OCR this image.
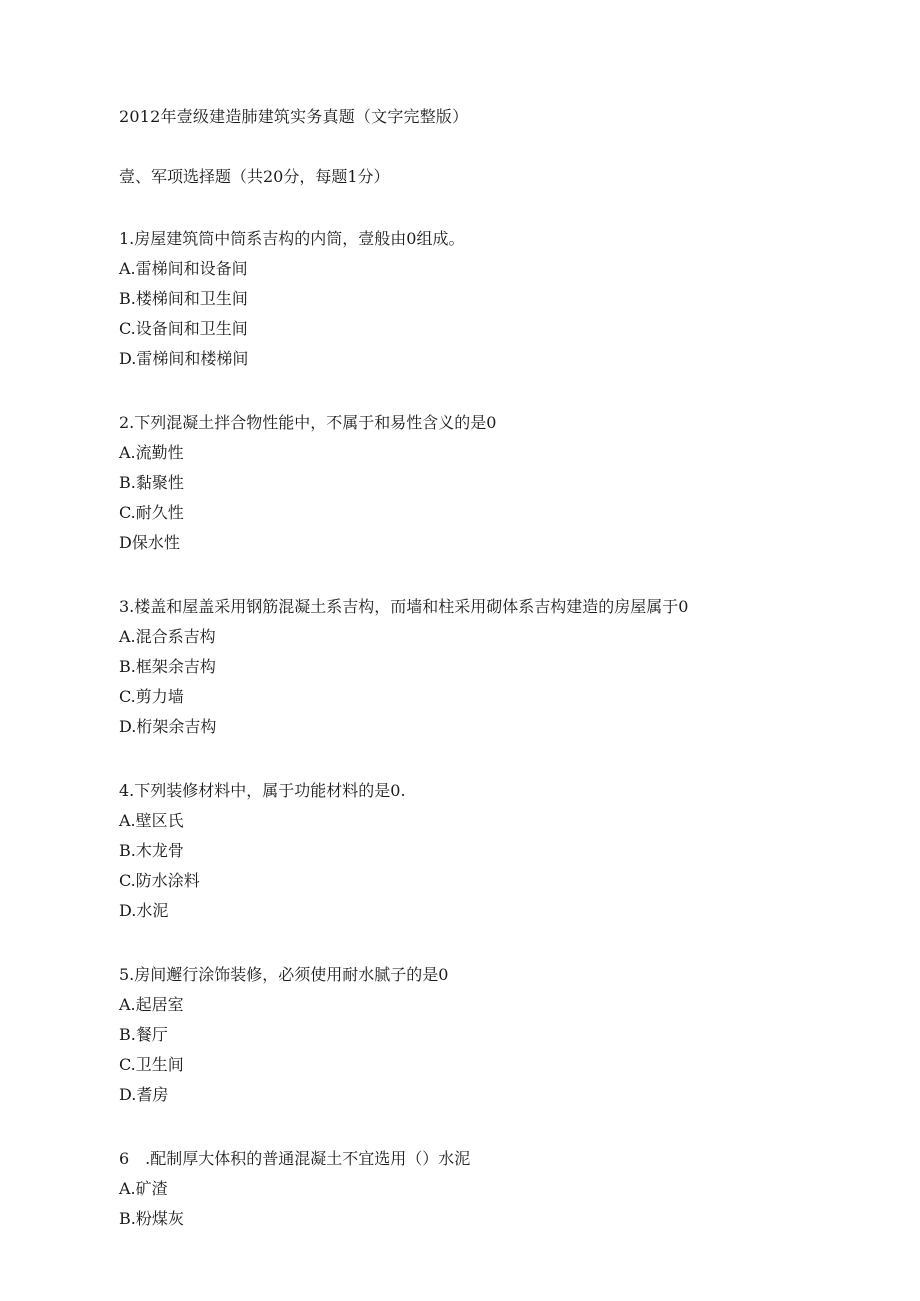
2012年壹级建造肺建筑实务真题（文字完整版）
壹、军项选择题（共20分，每题1分）
1.房屋建筑筒中筒系吉构的内筒，壹般由0组成。
A.雷梯间和设备间
B.楼梯间和卫生间
C.设备间和卫生间
D.雷梯间和楼梯间
2.下列混凝土拌合物性能中，不属于和易性含义的是0
A.流勤性
B.黏聚性
C.耐久性
D保水性
3.楼盖和屋盖采用钢筋混凝土系吉构，而墙和柱采用砌体系吉构建造的房屋属于0
A.混合系吉构
B.框架余吉构
C.剪力墙
D.桁架余吉构
4.下列装修材料中，属于功能材料的是0.
A.壁区氏
B.木龙骨
C.防水涂料
D.水泥
5.房间邂行涂饰装修，必须使用耐水腻子的是0
A.起居室
B.餐厅
C.卫生间
D.耆房
6　.配制厚大体积的普通混凝土不宜选用（）水泥
A.矿渣
B.粉煤灰
